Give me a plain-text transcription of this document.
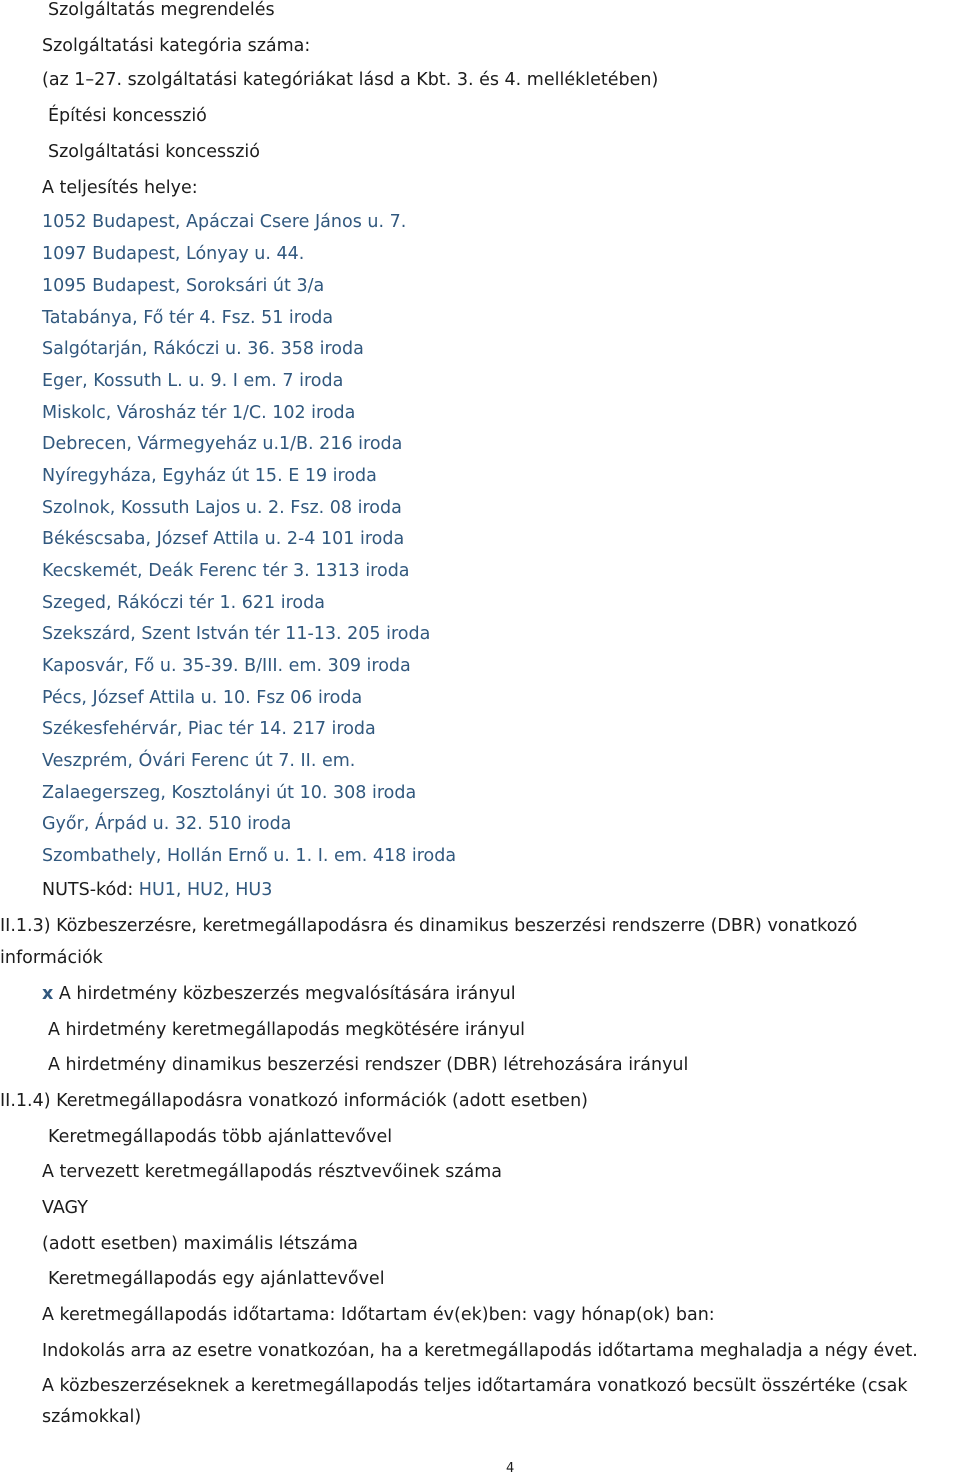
Szolgáltatás megrendelés
Szolgáltatási kategória száma:
(az 1–27. szolgáltatási kategóriákat lásd a Kbt. 3. és 4. mellékletében)
Építési koncesszió
Szolgáltatási koncesszió
A teljesítés helye:
1052 Budapest, Apáczai Csere János u. 7.
1097 Budapest, Lónyay u. 44.
1095 Budapest, Soroksári út 3/a
Tatabánya, Fő tér 4. Fsz. 51 iroda
Salgótarján, Rákóczi u. 36. 358 iroda
Eger, Kossuth L. u. 9. I em. 7 iroda
Miskolc, Városház tér 1/C. 102 iroda
Debrecen, Vármegyeház u.1/B. 216 iroda
Nyíregyháza, Egyház út 15. E 19 iroda
Szolnok, Kossuth Lajos u. 2. Fsz. 08 iroda
Békéscsaba, József Attila u. 2-4 101 iroda
Kecskemét, Deák Ferenc tér 3. 1313 iroda
Szeged, Rákóczi tér 1. 621 iroda
Szekszárd, Szent István tér 11-13. 205 iroda
Kaposvár, Fő u. 35-39. B/III. em. 309 iroda
Pécs, József Attila u. 10. Fsz 06 iroda
Székesfehérvár, Piac tér 14. 217 iroda
Veszprém, Óvári Ferenc út 7. II. em.
Zalaegerszeg, Kosztolányi út 10. 308 iroda
Győr, Árpád u. 32. 510 iroda
Szombathely, Hollán Ernő u. 1. I. em. 418 iroda
NUTS-kód: HU1, HU2, HU3
II.1.3) Közbeszerzésre, keretmegállapodásra és dinamikus beszerzési rendszerre (DBR) vonatkozó
információk
x A hirdetmény közbeszerzés megvalósítására irányul
A hirdetmény keretmegállapodás megkötésére irányul
A hirdetmény dinamikus beszerzési rendszer (DBR) létrehozására irányul
II.1.4) Keretmegállapodásra vonatkozó információk (adott esetben)
Keretmegállapodás több ajánlattevővel
A tervezett keretmegállapodás résztvevőinek száma
VAGY
(adott esetben) maximális létszáma
Keretmegállapodás egy ajánlattevővel
A keretmegállapodás időtartama: Időtartam év(ek)ben: vagy hónap(ok) ban:
Indokolás arra az esetre vonatkozóan, ha a keretmegállapodás időtartama meghaladja a négy évet.
A közbeszerzéseknek a keretmegállapodás teljes időtartamára vonatkozó becsült összértéke (csak
számokkal)
4
